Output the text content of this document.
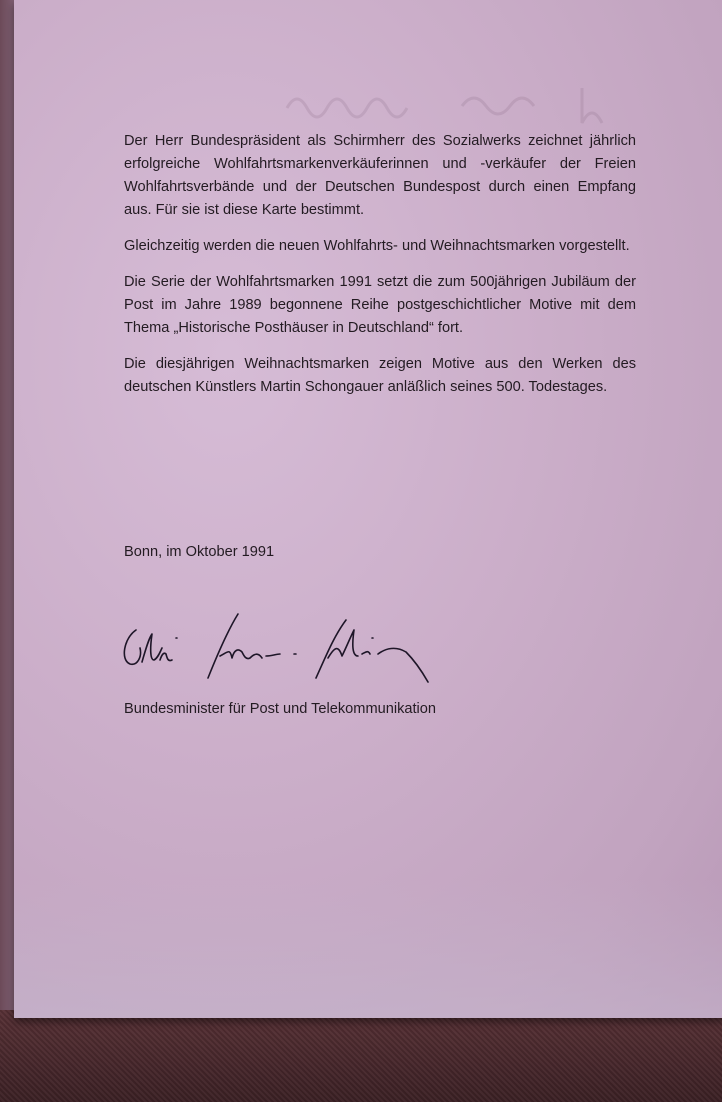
Der Herr Bundespräsident als Schirmherr des Sozialwerks zeichnet jährlich erfolgreiche Wohlfahrtsmarkenverkäuferinnen und -verkäufer der Freien Wohlfahrtsverbände und der Deutschen Bundespost durch einen Empfang aus. Für sie ist diese Karte bestimmt.

Gleichzeitig werden die neuen Wohlfahrts- und Weihnachtsmarken vorgestellt.

Die Serie der Wohlfahrtsmarken 1991 setzt die zum 500jährigen Jubiläum der Post im Jahre 1989 begonnene Reihe postgeschichtlicher Motive mit dem Thema „Historische Posthäuser in Deutschland“ fort.

Die diesjährigen Weihnachtsmarken zeigen Motive aus den Werken des deutschen Künstlers Martin Schongauer anläßlich seines 500. Todestages.

Bonn, im Oktober 1991
Bundesminister für Post und Telekommunikation
